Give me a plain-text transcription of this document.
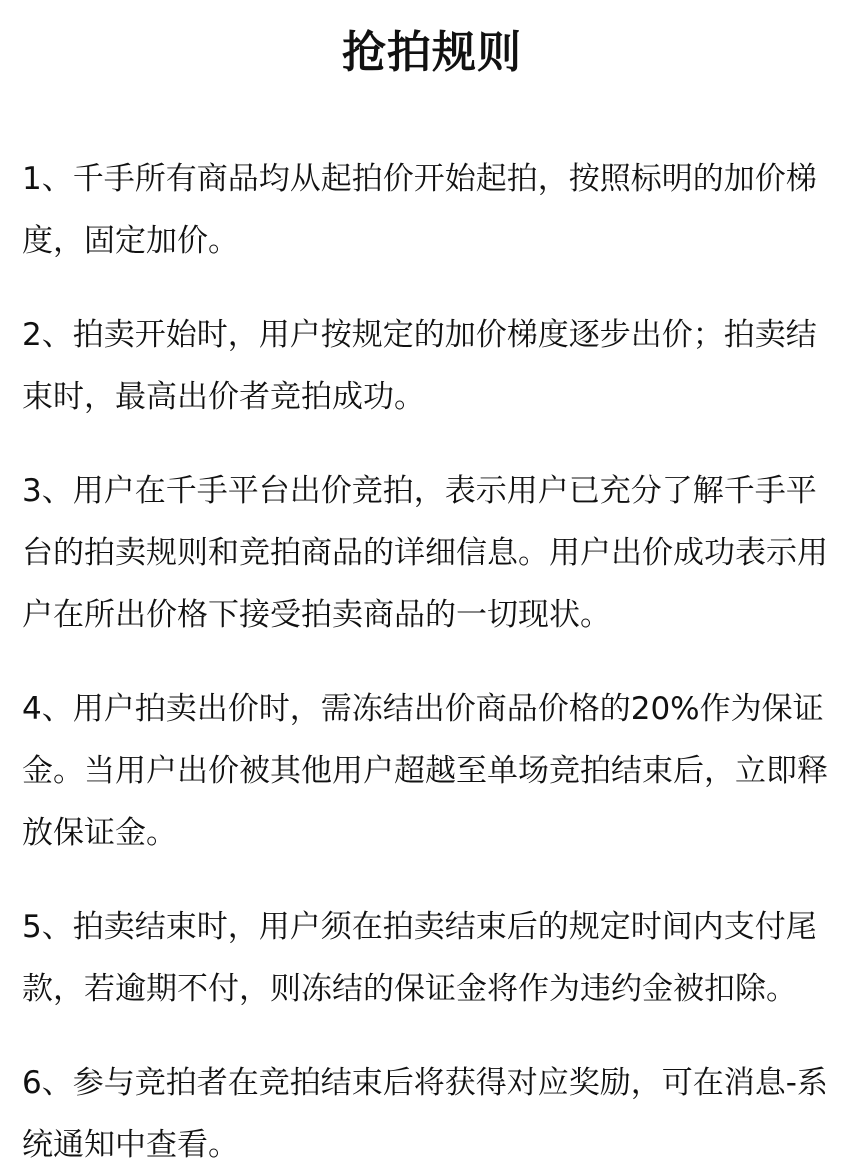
抢拍规则
1、千手所有商品均从起拍价开始起拍，按照标明的加价梯度，固定加价。
2、拍卖开始时，用户按规定的加价梯度逐步出价；拍卖结束时，最高出价者竞拍成功。
3、用户在千手平台出价竞拍，表示用户已充分了解千手平台的拍卖规则和竞拍商品的详细信息。用户出价成功表示用户在所出价格下接受拍卖商品的一切现状。
4、用户拍卖出价时，需冻结出价商品价格的20%作为保证金。当用户出价被其他用户超越至单场竞拍结束后，立即释放保证金。
5、拍卖结束时，用户须在拍卖结束后的规定时间内支付尾款，若逾期不付，则冻结的保证金将作为违约金被扣除。
6、参与竞拍者在竞拍结束后将获得对应奖励，可在消息-系统通知中查看。
